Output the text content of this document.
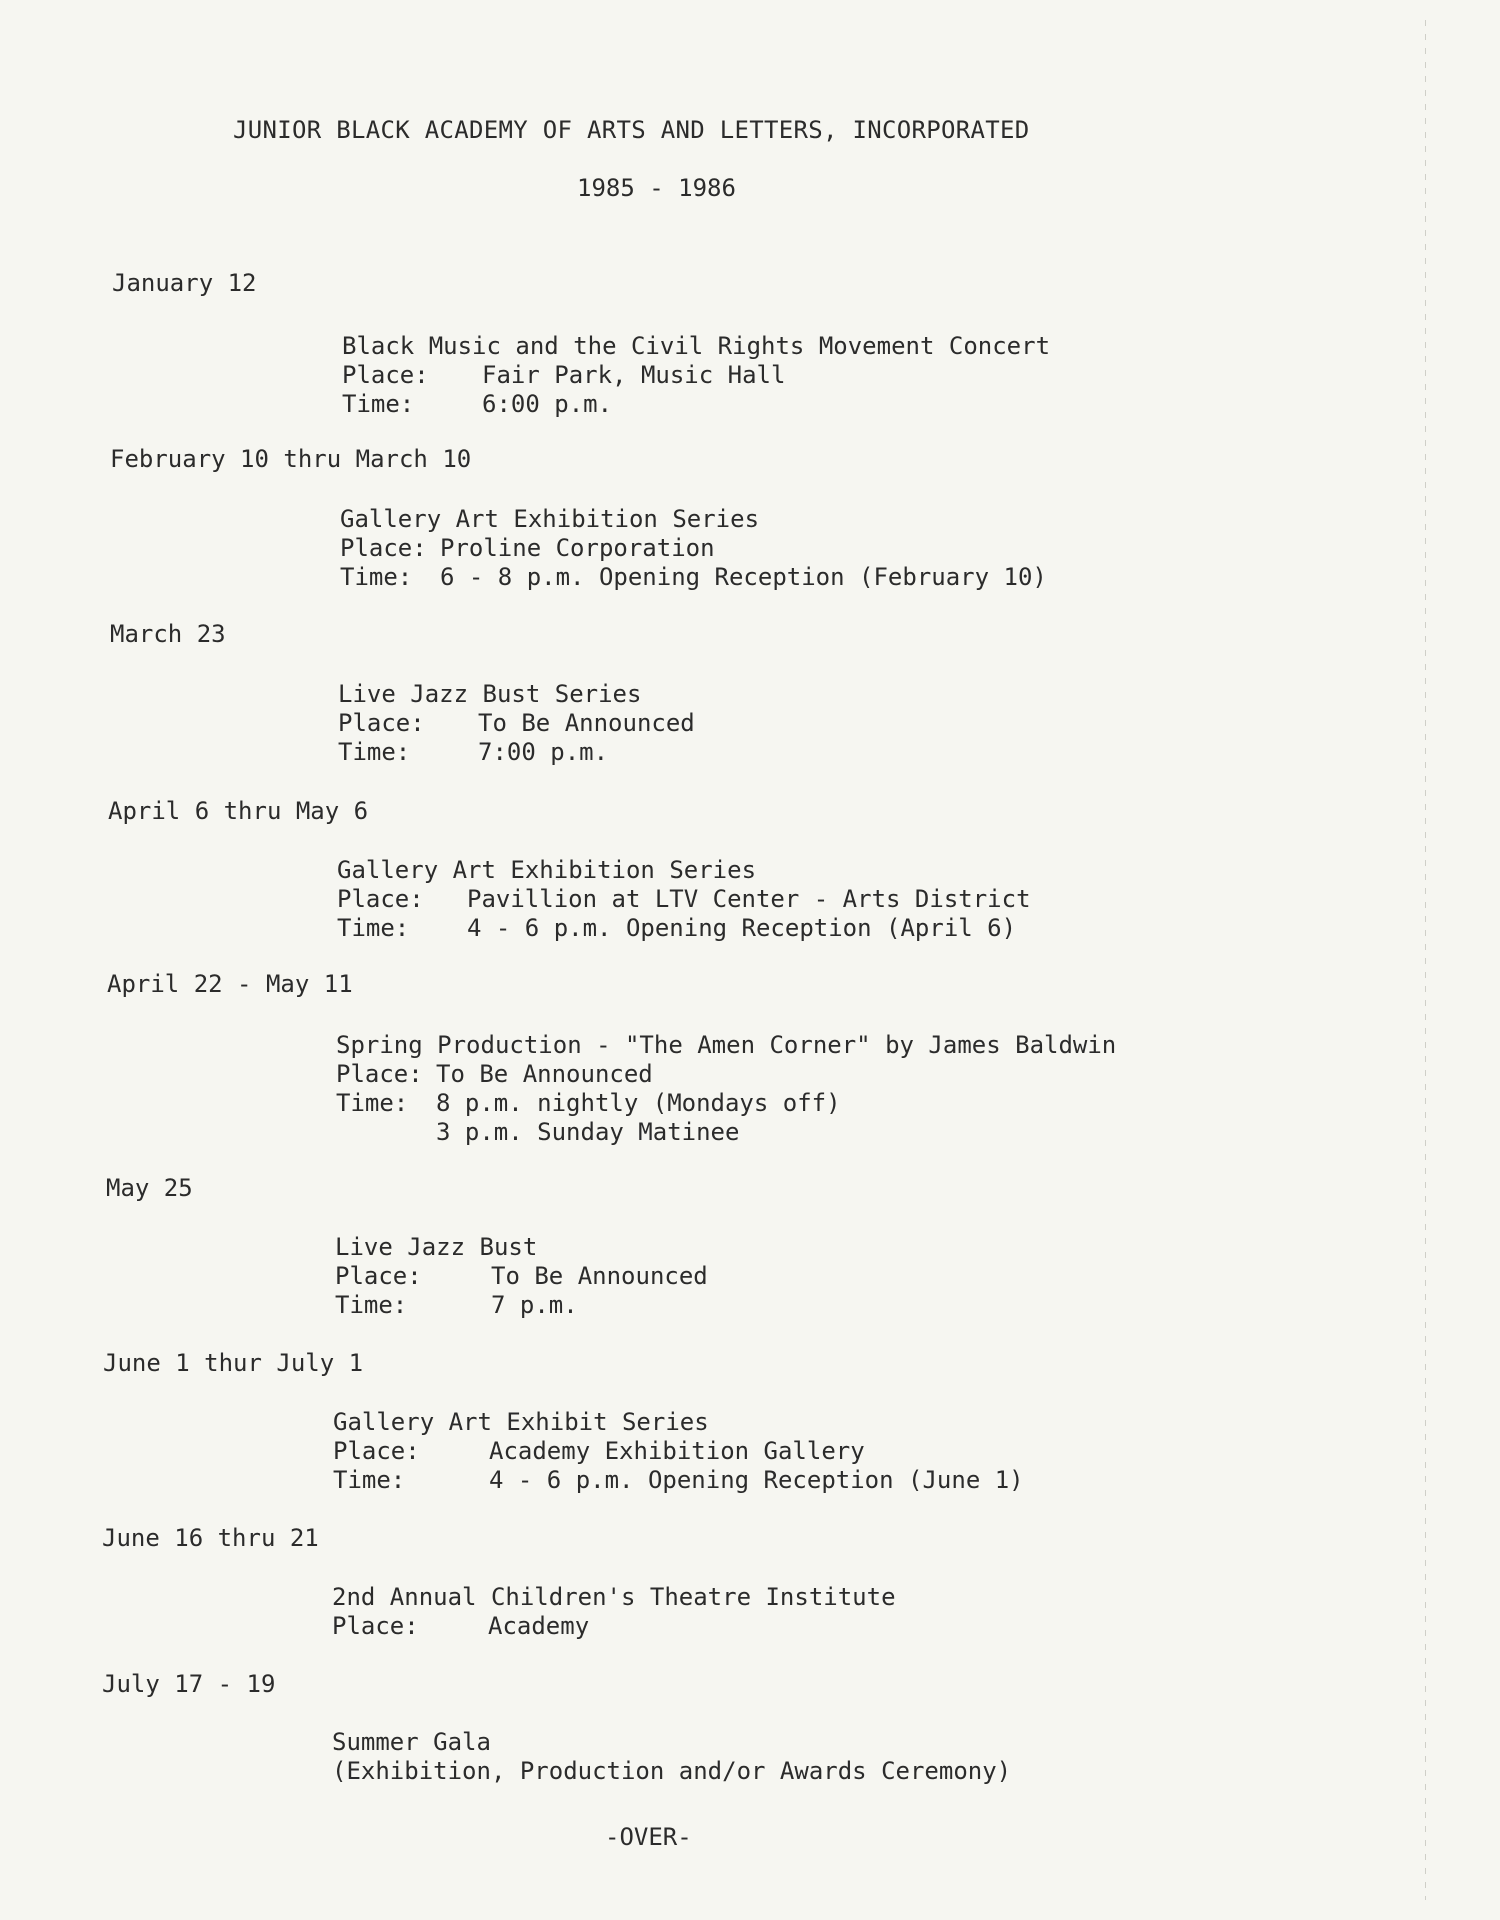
JUNIOR BLACK ACADEMY OF ARTS AND LETTERS, INCORPORATED
1985 - 1986
January 12
Black Music and the Civil Rights Movement Concert
Place: Fair Park, Music Hall
Time:	6:00 p.m.
February 10 thru March 10
Gallery Art Exhibition Series
Place: Proline Corporation
Time: 6 - 8 p.m. Opening Reception (February 10)
March 23
Live Jazz Bust Series
Place: To Be Announced
Time:	7:00 p.m.
April 6 thru May 6
Gallery Art Exhibition Series
Place: Pavillion at LTV Center - Arts District
Time: 4 - 6 p.m. Opening Reception (April 6)
April 22 - May 11
Spring Production - "The Amen Corner" by James Baldwin
Place: To Be Announced
Time: 8 p.m. nightly (Mondays off)
3 p.m. Sunday Matinee
May 25
Live Jazz Bust
Place:	To Be Announced
Time:	7 p.m.
June 1 thur July 1
Gallery Art Exhibit Series
Place:	Academy Exhibition Gallery
Time:	4 - 6 p.m. Opening Reception (June 1)
June 16 thru 21
2nd Annual Children's Theatre Institute
Place:	Academy
July 17 - 19
Summer Gala
(Exhibition, Production and/or Awards Ceremony)
-OVER-
